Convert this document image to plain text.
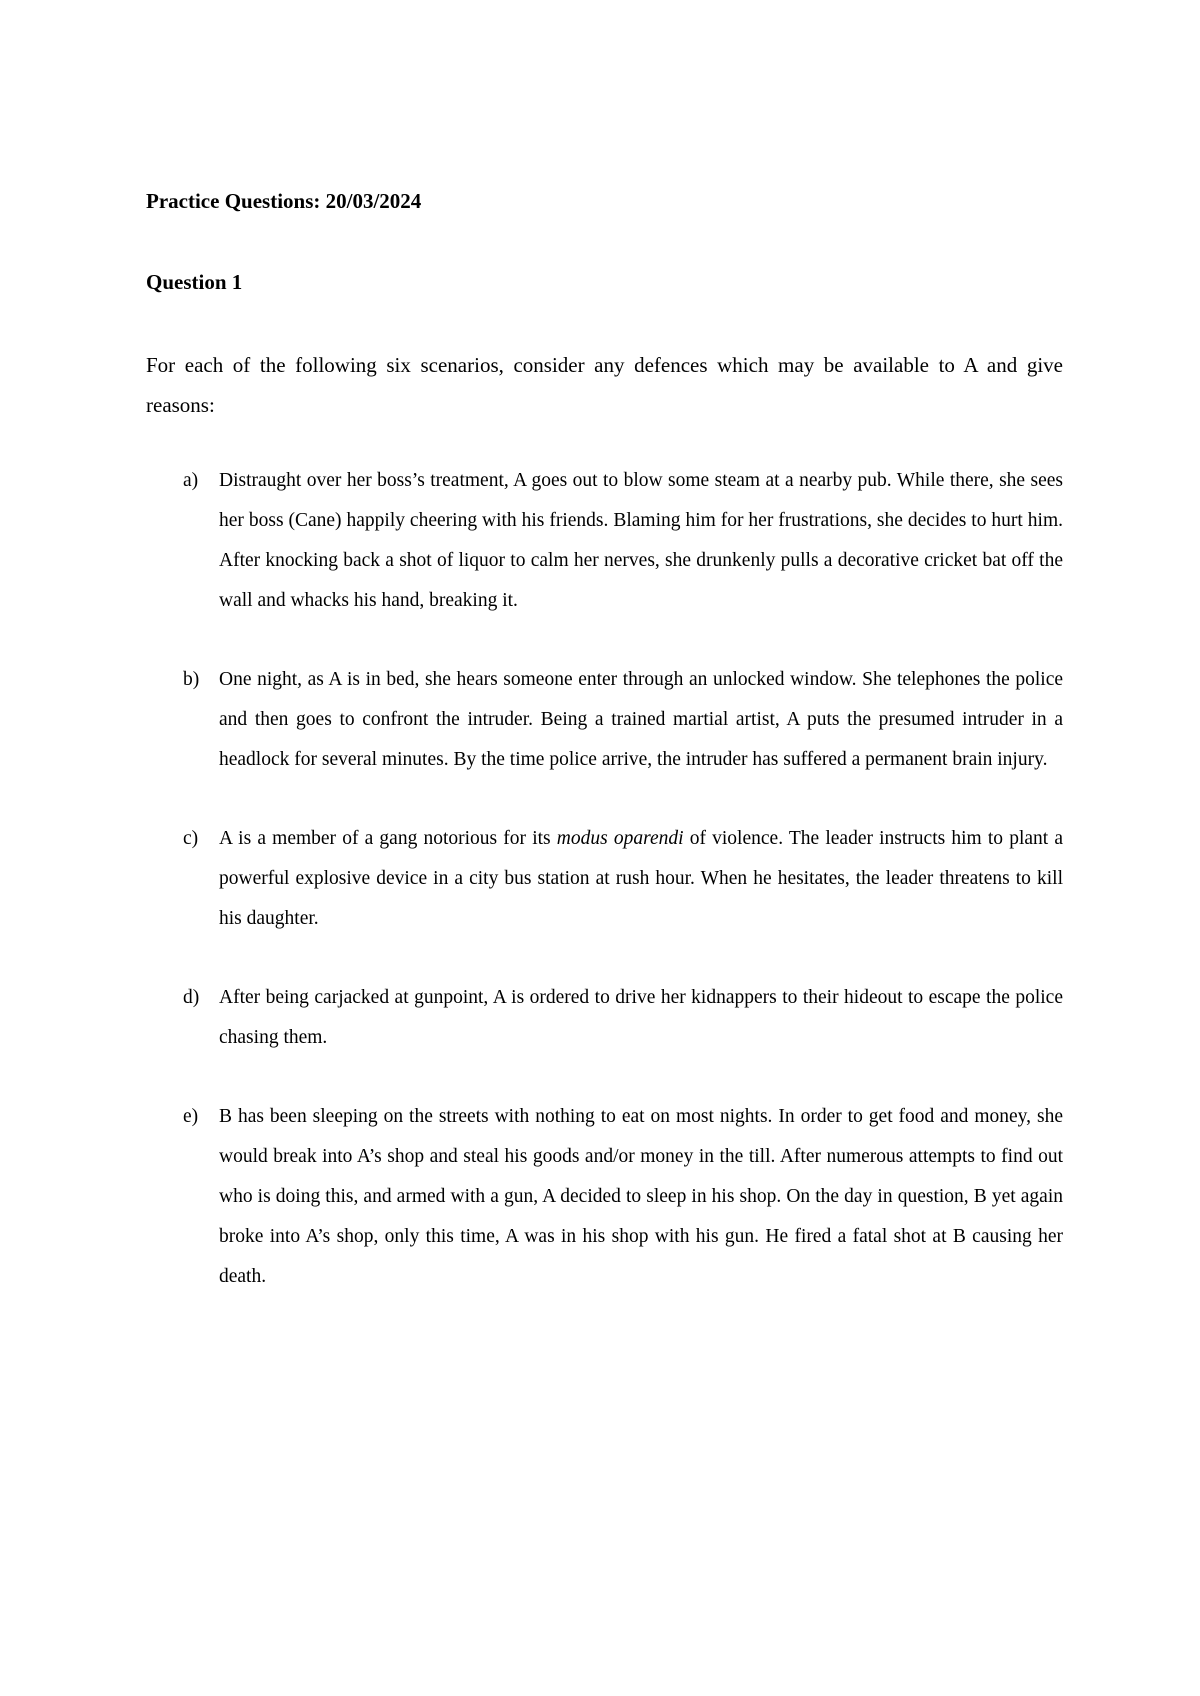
Practice Questions: 20/03/2024

Question 1

For each of the following six scenarios, consider any defences which may be available to A and give reasons:

a) Distraught over her boss’s treatment, A goes out to blow some steam at a nearby pub. While there, she sees her boss (Cane) happily cheering with his friends. Blaming him for her frustrations, she decides to hurt him. After knocking back a shot of liquor to calm her nerves, she drunkenly pulls a decorative cricket bat off the wall and whacks his hand, breaking it.
b) One night, as A is in bed, she hears someone enter through an unlocked window. She telephones the police and then goes to confront the intruder. Being a trained martial artist, A puts the presumed intruder in a headlock for several minutes. By the time police arrive, the intruder has suffered a permanent brain injury.
c) A is a member of a gang notorious for its modus oparendi of violence. The leader instructs him to plant a powerful explosive device in a city bus station at rush hour. When he hesitates, the leader threatens to kill his daughter.
d) After being carjacked at gunpoint, A is ordered to drive her kidnappers to their hideout to escape the police chasing them.
e) B has been sleeping on the streets with nothing to eat on most nights. In order to get food and money, she would break into A’s shop and steal his goods and/or money in the till. After numerous attempts to find out who is doing this, and armed with a gun, A decided to sleep in his shop. On the day in question, B yet again broke into A’s shop, only this time, A was in his shop with his gun. He fired a fatal shot at B causing her death.
